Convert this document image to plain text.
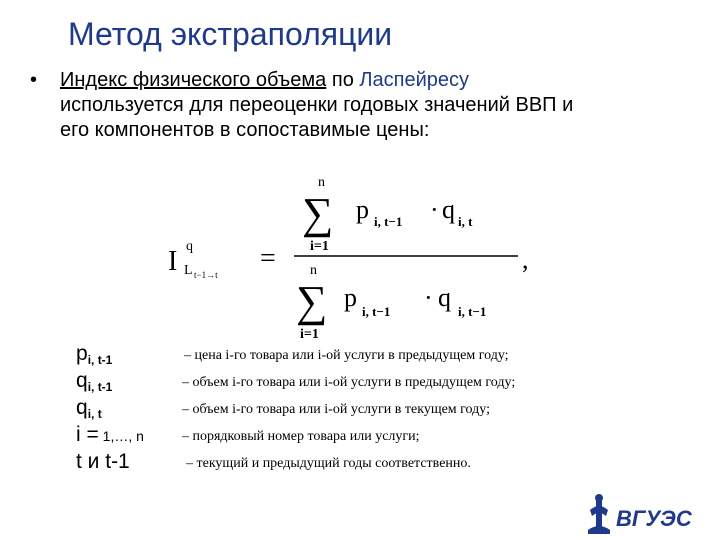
Метод экстраполяции
• Индекс физического объема по Ласпейресу
используется для переоценки годовых значений ВВП и
его компонентов в сопоставимые цены:
I q
L t−1→t
=
n
∑
i=1
p i, t−1 · q i, t
,
n
∑
i=1
p i, t−1 · q i, t−1
$p_{i, t-1}$	– цена i-го товара или i-ой услуги в предыдущем году;
$q_{i, t-1}$	– объем i-го товара или i-ой услуги в предыдущем году;
$q_{i, t}$	– объем i-го товара или i-ой услуги в текущем году;
i = 1,…, n	– порядковый номер товара или услуги;
t и t-1	– текущий и предыдущий годы соответственно.
ВГУЭС
